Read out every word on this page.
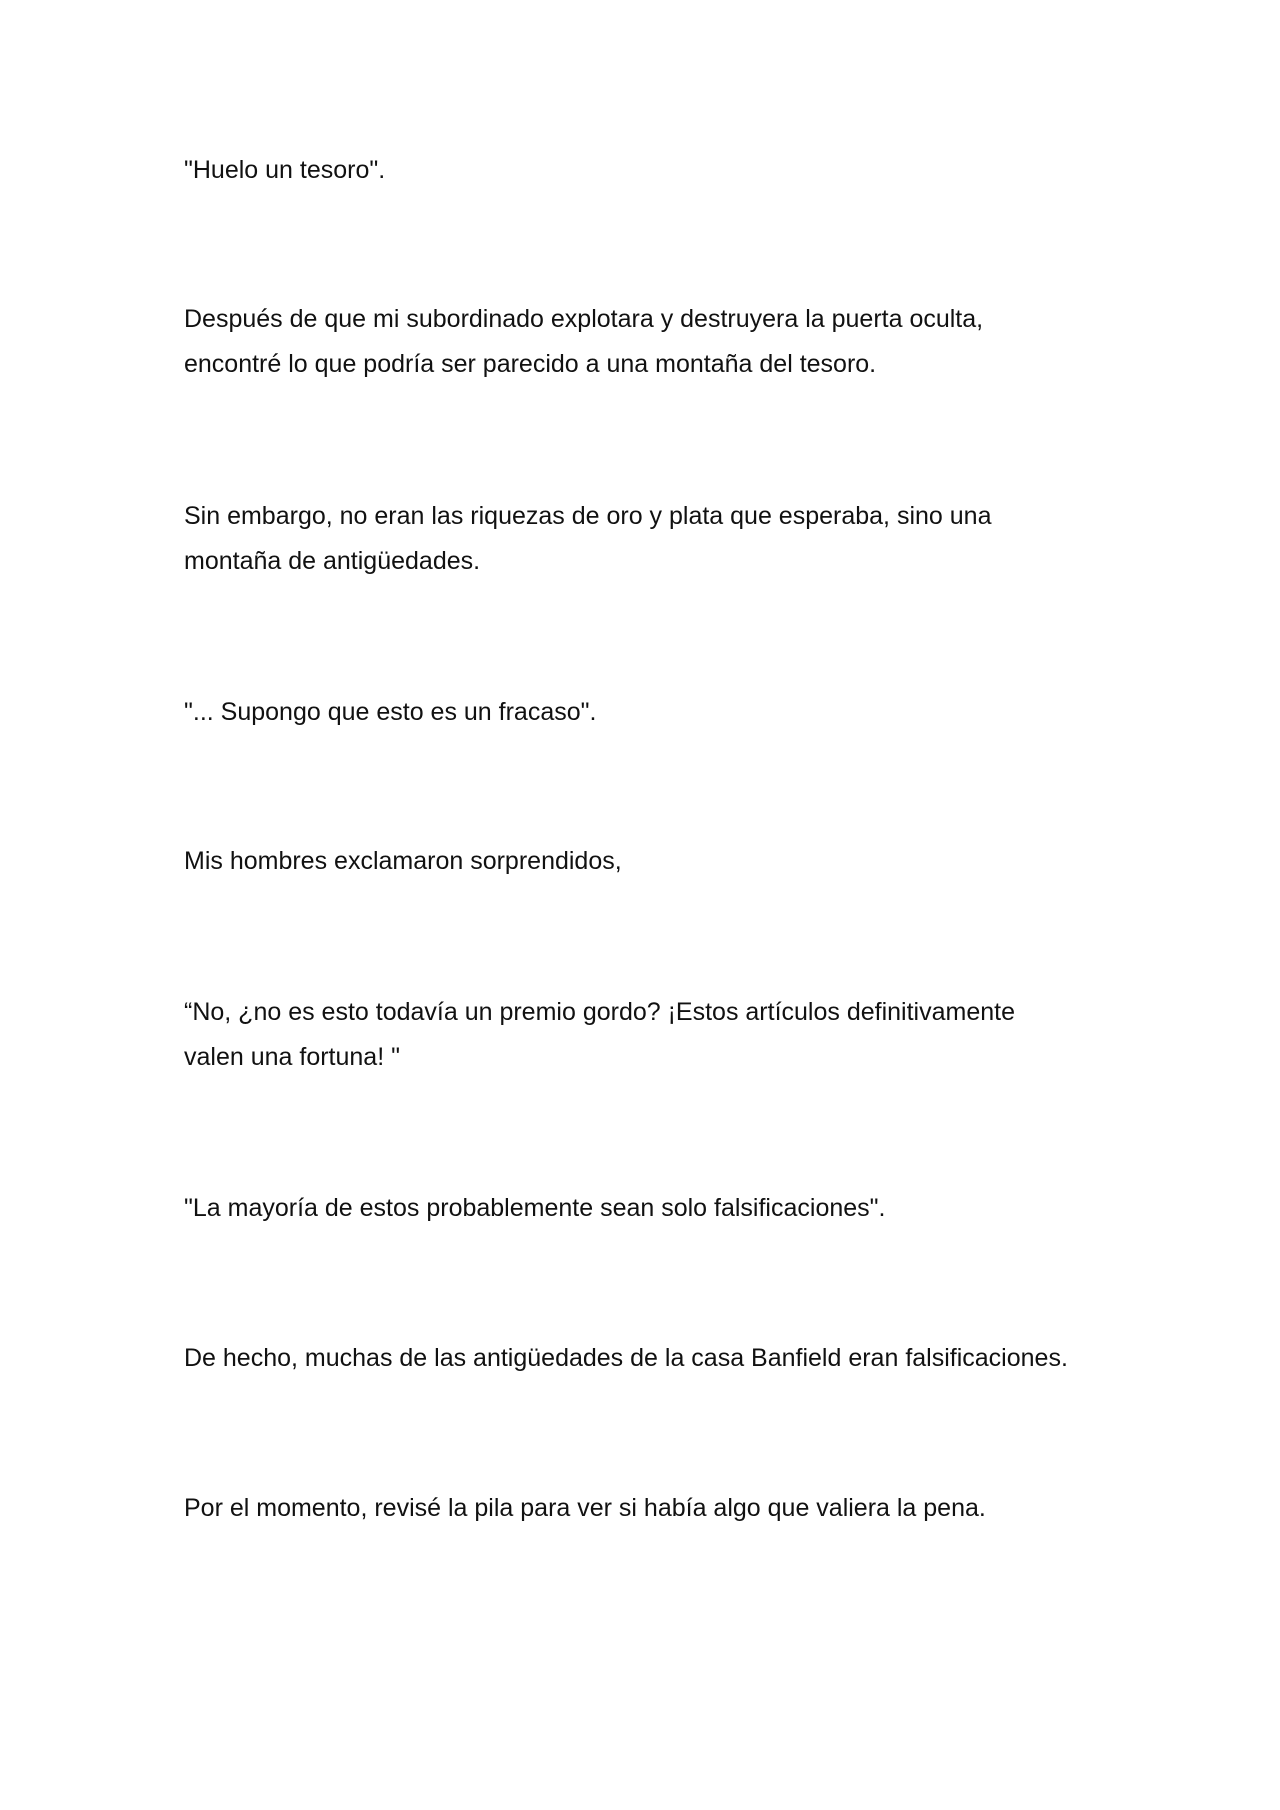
"Huelo un tesoro".

Después de que mi subordinado explotara y destruyera la puerta oculta,
encontré lo que podría ser parecido a una montaña del tesoro.

Sin embargo, no eran las riquezas de oro y plata que esperaba, sino una
montaña de antigüedades.

"... Supongo que esto es un fracaso".

Mis hombres exclamaron sorprendidos,

“No, ¿no es esto todavía un premio gordo? ¡Estos artículos definitivamente
valen una fortuna! "

"La mayoría de estos probablemente sean solo falsificaciones".

De hecho, muchas de las antigüedades de la casa Banfield eran falsificaciones.

Por el momento, revisé la pila para ver si había algo que valiera la pena.
